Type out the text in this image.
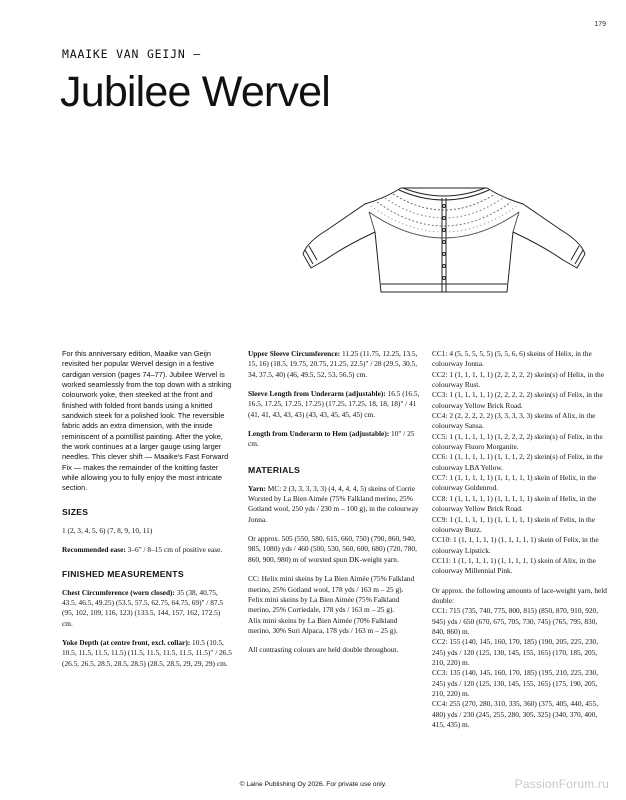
179
MAAIKE VAN GEIJN –
Jubilee Wervel

For this anniversary edition, Maaike van Geijn revisited her popular Wervel design in a festive cardigan version (pages 74–77). Jubilee Wervel is worked seamlessly from the top down with a striking colourwork yoke, then steeked at the front and finished with folded front bands using a knitted sandwich steek for a polished look. The reversible fabric adds an extra dimension, with the inside reminiscent of a pointillist painting. After the yoke, the work continues at a larger gauge using larger needles. This clever shift — Maaike's Fast Forward Fix — makes the remainder of the knitting faster while allowing you to fully enjoy the most intricate section.

SIZES

1 (2, 3, 4, 5, 6) (7, 8, 9, 10, 11)

Recommended ease: 3–6" / 8–15 cm of positive ease.

FINISHED MEASUREMENTS

Chest Circumference (worn closed): 35 (38, 40.75, 43.5, 46.5, 49.25) (53.5, 57.5, 62.75, 64.75, 69)" / 87.5 (95, 102, 109, 116, 123) (133.5, 144, 157, 162, 172.5) cm.

Yoke Depth (at centre front, excl. collar): 10.5 (10.5, 10.5, 11.5, 11.5, 11.5) (11.5, 11.5, 11.5, 11.5, 11.5)" / 26.5 (26.5, 26.5, 28.5, 28.5, 28.5) (28.5, 28.5, 29, 29, 29) cm.

Upper Sleeve Circumference: 11.25 (11.75, 12.25, 13.5, 15, 16) (18.5, 19.75, 20.75, 21.25, 22.5)" / 28 (29.5, 30.5, 34, 37.5, 40) (46, 49.5, 52, 53, 56.5) cm.

Sleeve Length from Underarm (adjustable): 16.5 (16.5, 16.5, 17.25, 17.25, 17.25) (17.25, 17.25, 18, 18, 18)" / 41 (41, 41, 43, 43, 43) (43, 43, 45, 45, 45) cm.

Length from Underarm to Hem (adjustable): 10" / 25 cm.

MATERIALS

Yarn: MC: 2 (3, 3, 3, 3, 3) (4, 4, 4, 4, 5) skeins of Corrie Worsted by La Bien Aimée (75% Falkland merino, 25% Gotland wool, 250 yds / 230 m – 100 g), in the colourway Jonna.

Or approx. 505 (550, 580, 615, 660, 750) (790, 860, 940, 985, 1080) yds / 460 (500, 530, 560, 600, 680) (720, 780, 860, 900, 980) m of worsted spun DK-weight yarn.

CC: Helix mini skeins by La Bien Aimée (75% Falkland merino, 25% Gotland wool, 178 yds / 163 m – 25 g).

Felix mini skeins by La Bien Aimée (75% Falkland merino, 25% Corriedale, 178 yds / 163 m – 25 g).

Alix mini skeins by La Bien Aimée (70% Falkland merino, 30% Suri Alpaca, 178 yds / 163 m – 25 g).

All contrasting colours are held double throughout.

CC1: 4 (5, 5, 5, 5, 5) (5, 5, 6, 6) skeins of Helix, in the colourway Jonna.

CC2: 1 (1, 1, 1, 1, 1) (2, 2, 2, 2, 2) skein(s) of Helix, in the colourway Rust.

CC3: 1 (1, 1, 1, 1, 1) (2, 2, 2, 2, 2) skein(s) of Felix, in the colourway Yellow Brick Road.

CC4: 2 (2, 2, 2, 2, 2) (3, 3, 3, 3, 3) skeins of Alix, in the colourway Sansa.

CC5: 1 (1, 1, 1, 1, 1) (1, 2, 2, 2, 2) skein(s) of Felix, in the colourway Fluoro Morganite.

CC6: 1 (1, 1, 1, 1, 1) (1, 1, 1, 2, 2) skein(s) of Felix, in the colourway LBA Yellow.

CC7: 1 (1, 1, 1, 1, 1) (1, 1, 1, 1, 1) skein of Helix, in the colourway Goldenrod.

CC8: 1 (1, 1, 1, 1, 1) (1, 1, 1, 1, 1) skein of Helix, in the colourway Yellow Brick Road.

CC9: 1 (1, 1, 1, 1, 1) (1, 1, 1, 1, 1) skein of Felix, in the colourway Buzz.

CC10: 1 (1, 1, 1, 1, 1) (1, 1, 1, 1, 1) skein of Felix, in the colourway Lipstick.

CC11: 1 (1, 1, 1, 1, 1) (1, 1, 1, 1, 1) skein of Alix, in the colourway Millennial Pink.

Or approx. the following amounts of lace-weight yarn, held double:

CC1: 715 (735, 740, 775, 800, 815) (850, 870, 910, 920, 945) yds / 650 (670, 675, 705, 730, 745) (765, 795, 830, 840, 860) m.

CC2: 155 (140, 145, 160, 170, 185) (190, 205, 225, 230, 245) yds / 120 (125, 130, 145, 155, 165) (170, 185, 205, 210, 220) m.

CC3: 135 (140, 145, 160, 170, 185) (195, 210, 225, 230, 245) yds / 120 (125, 130, 145, 155, 165) (175, 190, 205, 210, 220) m.

CC4: 255 (270, 280, 310, 335, 360) (375, 405, 440, 455, 480) yds / 230 (245, 255, 280, 305, 325) (340, 370, 400, 415, 435) m.

© Laine Publishing Oy 2026. For private use only.	PassionForum.ru
